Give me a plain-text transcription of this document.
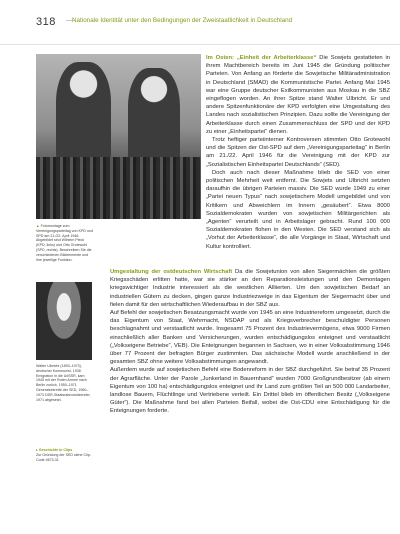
318	Nationale Identität unter den Bedingungen der Zweistaatlichkeit in Deutschland
▲ Fotomontage zum Vereinigungsparteitag von KPD und SPD am 21./22. April 1946. Abgebildet sind Wilhelm Pieck (KPD, links) und Otto Grotewohl (SPD, rechts). Beschreiben Sie die verschiedenen Bildelemente und ihre jeweilige Funktion.
Walter Ulbricht (1893–1973), deutscher Kommunist, 1938 Emigration in die UdSSR, kam 1945 mit der Roten Armee nach Berlin zurück, 1950–1971 Generalsekretär der SED, 1960–1973 DDR-Staatsratsvorsitzender, 1971 abgesetzt.
▸ Geschichte in Clips
Zur Gründung der SED siehe Clip-Code 4673-31

Im Osten: „Einheit der Arbeiterklasse“ Die Sowjets gestatteten in ihrem Machtbereich bereits im Juni 1945 die Gründung politischer Parteien. Von Anfang an förderte die Sowjetische Militäradministration in Deutschland (SMAD) die Kommunistische Partei. Anfang Mai 1945 war eine Gruppe deutscher Exilkommunisten aus Moskau in die SBZ eingeflogen worden. An ihrer Spitze stand Walter Ulbricht. Er und andere Spitzenfunktionäre der KPD verfolgten eine Umgestaltung des Landes nach sozialistischen Prinzipien. Dazu sollte die Vereinigung der Arbeiterklasse durch einen Zusammenschluss der SPD und der KPD zu einer „Einheitspartei“ dienen.

Trotz heftiger parteiinterner Kontroversen stimmten Otto Grotewohl und die Spitzen der Ost-SPD auf dem „Vereinigungsparteitag“ in Berlin am 21./22. April 1946 für die Vereinigung mit der KPD zur „Sozialistischen Einheitspartei Deutschlands“ (SED).

Doch auch nach dieser Maßnahme blieb die SED von einer politischen Mehrheit weit entfernt. Die Sowjets und Ulbricht setzten daraufhin die übrigen Parteien massiv. Die SED wurde 1949 zu einer „Partei neuen Typus“ nach sowjetischem Modell umgebildet und von Kritikern und Abweichlern im Innern „gesäubert“. Etwa 8000 Sozialdemokraten wurden von sowjetischen Militärgerichten als „Agenten“ verurteilt und in Arbeitslager gebracht. Rund 100 000 Sozialdemokraten flohen in den Westen. Die SED verstand sich als „Vorhut der Arbeiterklasse“, die alle Vorgänge in Staat, Wirtschaft und Kultur kontrolliert.

Umgestaltung der ostdeutschen Wirtschaft Da die Sowjetunion von allen Siegermächten die größten Kriegsschäden erlitten hatte, war sie stärker an den Reparationsleistungen und den Demontagen kriegswichtiger Industrie interessiert als die westlichen Alliierten. Um den sowjetischen Bedarf an industriellen Gütern zu decken, gingen ganze Industriezweige in das Eigentum der Siegermacht über und fielen damit für den wirtschaftlichen Wiederaufbau in der SBZ aus.

Auf Befehl der sowjetischen Besatzungsmacht wurde von 1945 an eine Industriereform umgesetzt, durch die das Eigentum von Staat, Wehrmacht, NSDAP und als Kriegsverbrecher beschuldigter Personen beschlagnahmt und verstaatlicht wurde. Insgesamt 75 Prozent des Industrievermögens, etwa 9000 Firmen einschließlich aller Banken und Versicherungen, wurden entschädigungslos enteignet und verstaatlicht („Volkseigene Betriebe“, VEB). Die Enteignungen begannen in Sachsen, wo in einer Volksabstimmung 1946 über 77 Prozent der befragten Bürger zustimmten. Das sächsische Modell wurde anschließend in der gesamten SBZ ohne weitere Volksabstimmungen angewandt.

Außerdem wurde auf sowjetischen Befehl eine Bodenreform in der SBZ durchgeführt. Sie betraf 35 Prozent der Agrarfläche. Unter der Parole „Junkerland in Bauernhand“ wurden 7000 Großgrundbesitzer (ab einem Eigentum von 100 ha) entschädigungslos enteignet und ihr Land zum größten Teil an 500 000 Landarbeiter, landlose Bauern, Flüchtlinge und Vertriebene verteilt. Ein Drittel blieb im öffentlichen Besitz („Volkseigene Güter“). Die Maßnahme fand bei allen Parteien Beifall, wobei die Ost-CDU eine Entschädigung für die Enteignungen forderte.
